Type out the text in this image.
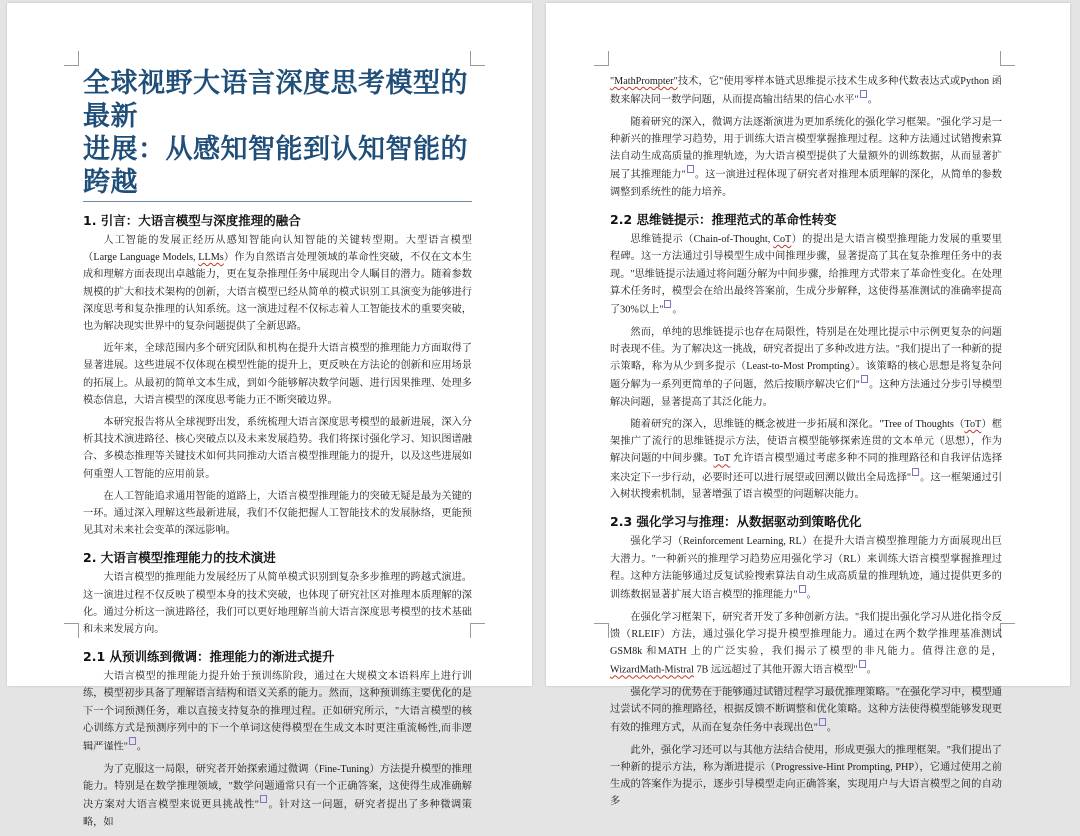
全球视野大语言深度思考模型的最新
进展：从感知智能到认知智能的跨越
1. 引言：大语言模型与深度推理的融合

人工智能的发展正经历从感知智能向认知智能的关键转型期。大型语言模型（Large Language Models, LLMs）作为自然语言处理领域的革命性突破，不仅在文本生成和理解方面表现出卓越能力，更在复杂推理任务中展现出令人瞩目的潜力。随着参数规模的扩大和技术架构的创新，大语言模型已经从简单的模式识别工具演变为能够进行深度思考和复杂推理的认知系统。这一演进过程不仅标志着人工智能技术的重要突破，也为解决现实世界中的复杂问题提供了全新思路。

近年来，全球范围内多个研究团队和机构在提升大语言模型的推理能力方面取得了显著进展。这些进展不仅体现在模型性能的提升上，更反映在方法论的创新和应用场景的拓展上。从最初的简单文本生成，到如今能够解决数学问题、进行因果推理、处理多模态信息，大语言模型的深度思考能力正不断突破边界。

本研究报告将从全球视野出发，系统梳理大语言深度思考模型的最新进展，深入分析其技术演进路径、核心突破点以及未来发展趋势。我们将探讨强化学习、知识图谱融合、多模态推理等关键技术如何共同推动大语言模型推理能力的提升，以及这些进展如何重塑人工智能的应用前景。

在人工智能追求通用智能的道路上，大语言模型推理能力的突破无疑是最为关键的一环。通过深入理解这些最新进展，我们不仅能把握人工智能技术的发展脉络，更能预见其对未来社会变革的深远影响。

2. 大语言模型推理能力的技术演进

大语言模型的推理能力发展经历了从简单模式识别到复杂多步推理的跨越式演进。这一演进过程不仅反映了模型本身的技术突破，也体现了研究社区对推理本质理解的深化。通过分析这一演进路径，我们可以更好地理解当前大语言深度思考模型的技术基础和未来发展方向。

2.1 从预训练到微调：推理能力的渐进式提升

大语言模型的推理能力提升始于预训练阶段，通过在大规模文本语料库上进行训练，模型初步具备了理解语言结构和语义关系的能力。然而，这种预训练主要优化的是下一个词预测任务，难以直接支持复杂的推理过程。正如研究所示，"大语言模型的核心训练方式是预测序列中的下一个单词这使得模型在生成文本时更注重流畅性,而非逻辑严谨性" 。

为了克服这一局限，研究者开始探索通过微调（Fine-Tuning）方法提升模型的推理能力。特别是在数学推理领域，"数学问题通常只有一个正确答案，这使得生成准确解决方案对大语言模型来说更具挑战性" 。针对这一问题，研究者提出了多种微调策略，如

"MathPrompter"技术，它"使用零样本链式思维提示技术生成多种代数表达式或Python 函数来解决同一数学问题，从而提高输出结果的信心水平" 。

随着研究的深入，微调方法逐渐演进为更加系统化的强化学习框架。"强化学习是一种新兴的推理学习趋势，用于训练大语言模型掌握推理过程。这种方法通过试错搜索算法自动生成高质量的推理轨迹，为大语言模型提供了大量额外的训练数据，从而显著扩展了其推理能力" 。这一演进过程体现了研究者对推理本质理解的深化，从简单的参数调整到系统性的能力培养。

2.2 思维链提示：推理范式的革命性转变

思维链提示（Chain-of-Thought, CoT）的提出是大语言模型推理能力发展的重要里程碑。这一方法通过引导模型生成中间推理步骤，显著提高了其在复杂推理任务中的表现。"思维链提示法通过将问题分解为中间步骤，给推理方式带来了革命性变化。在处理算术任务时，模型会在给出最终答案前，生成分步解释，这使得基准测试的准确率提高了30%以上" 。

然而，单纯的思维链提示也存在局限性，特别是在处理比提示中示例更复杂的问题时表现不佳。为了解决这一挑战，研究者提出了多种改进方法。"我们提出了一种新的提示策略，称为从少到多提示（Least-to-Most Prompting）。该策略的核心思想是将复杂问题分解为一系列更简单的子问题，然后按顺序解决它们" 。这种方法通过分步引导模型解决问题，显著提高了其泛化能力。

随着研究的深入，思维链的概念被进一步拓展和深化。"Tree of Thoughts（ToT）框架推广了流行的思维链提示方法，使语言模型能够探索连贯的文本单元（思想），作为解决问题的中间步骤。ToT 允许语言模型通过考虑多种不同的推理路径和自我评估选择来决定下一步行动，必要时还可以进行展望或回溯以做出全局选择" 。这一框架通过引入树状搜索机制，显著增强了语言模型的问题解决能力。

2.3 强化学习与推理：从数据驱动到策略优化

强化学习（Reinforcement Learning, RL）在提升大语言模型推理能力方面展现出巨大潜力。"一种新兴的推理学习趋势应用强化学习（RL）来训练大语言模型掌握推理过程。这种方法能够通过反复试验搜索算法自动生成高质量的推理轨迹，通过提供更多的训练数据显著扩展大语言模型的推理能力" 。

在强化学习框架下，研究者开发了多种创新方法。"我们提出强化学习从进化指令反馈（RLEIF）方法，通过强化学习提升模型推理能力。通过在两个数学推理基准测试GSM8k 和MATH 上的广泛实验，我们揭示了模型的非凡能力。值得注意的是，WizardMath-Mistral 7B 远远超过了其他开源大语言模型" 。

强化学习的优势在于能够通过试错过程学习最优推理策略。"在强化学习中，模型通过尝试不同的推理路径，根据反馈不断调整和优化策略。这种方法使得模型能够发现更有效的推理方式，从而在复杂任务中表现出色" 。

此外，强化学习还可以与其他方法结合使用，形成更强大的推理框架。"我们提出了一种新的提示方法，称为渐进提示（Progressive-Hint Prompting, PHP），它通过使用之前生成的答案作为提示，逐步引导模型走向正确答案，实现用户与大语言模型之间的自动多
